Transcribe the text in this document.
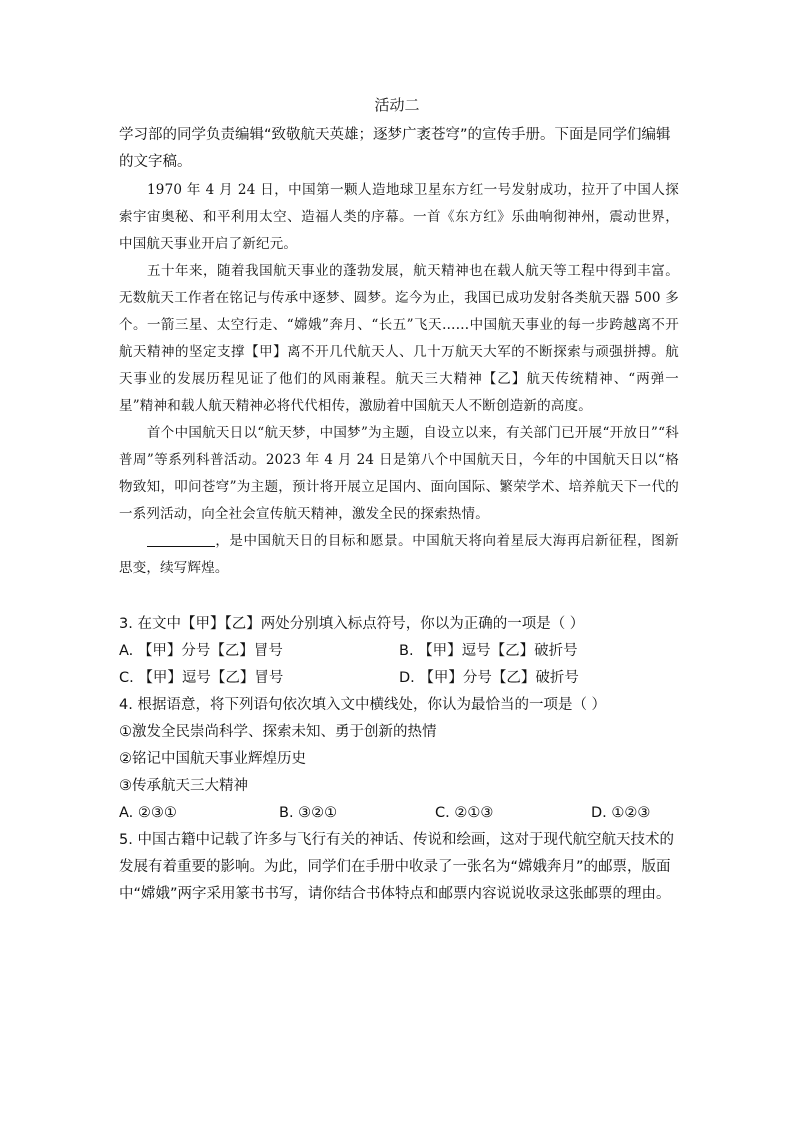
活动二
学习部的同学负责编辑“致敬航天英雄；逐梦广袤苍穹”的宣传手册。下面是同学们编辑的文字稿。

1970 年 4 月 24 日，中国第一颗人造地球卫星东方红一号发射成功，拉开了中国人探索宇宙奥秘、和平利用太空、造福人类的序幕。一首《东方红》乐曲响彻神州，震动世界，中国航天事业开启了新纪元。

五十年来，随着我国航天事业的蓬勃发展，航天精神也在载人航天等工程中得到丰富。无数航天工作者在铭记与传承中逐梦、圆梦。迄今为止，我国已成功发射各类航天器 500 多个。一箭三星、太空行走、“嫦娥”奔月、“长五”飞天……中国航天事业的每一步跨越离不开航天精神的坚定支撑【甲】离不开几代航天人、几十万航天大军的不断探索与顽强拼搏。航天事业的发展历程见证了他们的风雨兼程。航天三大精神【乙】航天传统精神、“两弹一星”精神和载人航天精神必将代代相传，激励着中国航天人不断创造新的高度。

首个中国航天日以“航天梦，中国梦”为主题，自设立以来，有关部门已开展“开放日”“科普周”等系列科普活动。2023 年 4 月 24 日是第八个中国航天日，今年的中国航天日以“格物致知，叩问苍穹”为主题，预计将开展立足国内、面向国际、繁荣学术、培养航天下一代的一系列活动，向全社会宣传航天精神，激发全民的探索热情。

，是中国航天日的目标和愿景。中国航天将向着星辰大海再启新征程，图新思变，续写辉煌。

3. 在文中【甲】【乙】两处分别填入标点符号，你以为正确的一项是（ ）

A. 【甲】分号【乙】冒号	B. 【甲】逗号【乙】破折号
C. 【甲】逗号【乙】冒号	D. 【甲】分号【乙】破折号

4. 根据语意，将下列语句依次填入文中横线处，你认为最恰当的一项是（ ）

①激发全民崇尚科学、探索未知、勇于创新的热情

②铭记中国航天事业辉煌历史

③传承航天三大精神

A. ②③①	B. ③②①	C. ②①③	D. ①②③

5. 中国古籍中记载了许多与飞行有关的神话、传说和绘画，这对于现代航空航天技术的发展有着重要的影响。为此，同学们在手册中收录了一张名为“嫦娥奔月”的邮票，版面中“嫦娥”两字采用篆书书写，请你结合书体特点和邮票内容说说收录这张邮票的理由。
